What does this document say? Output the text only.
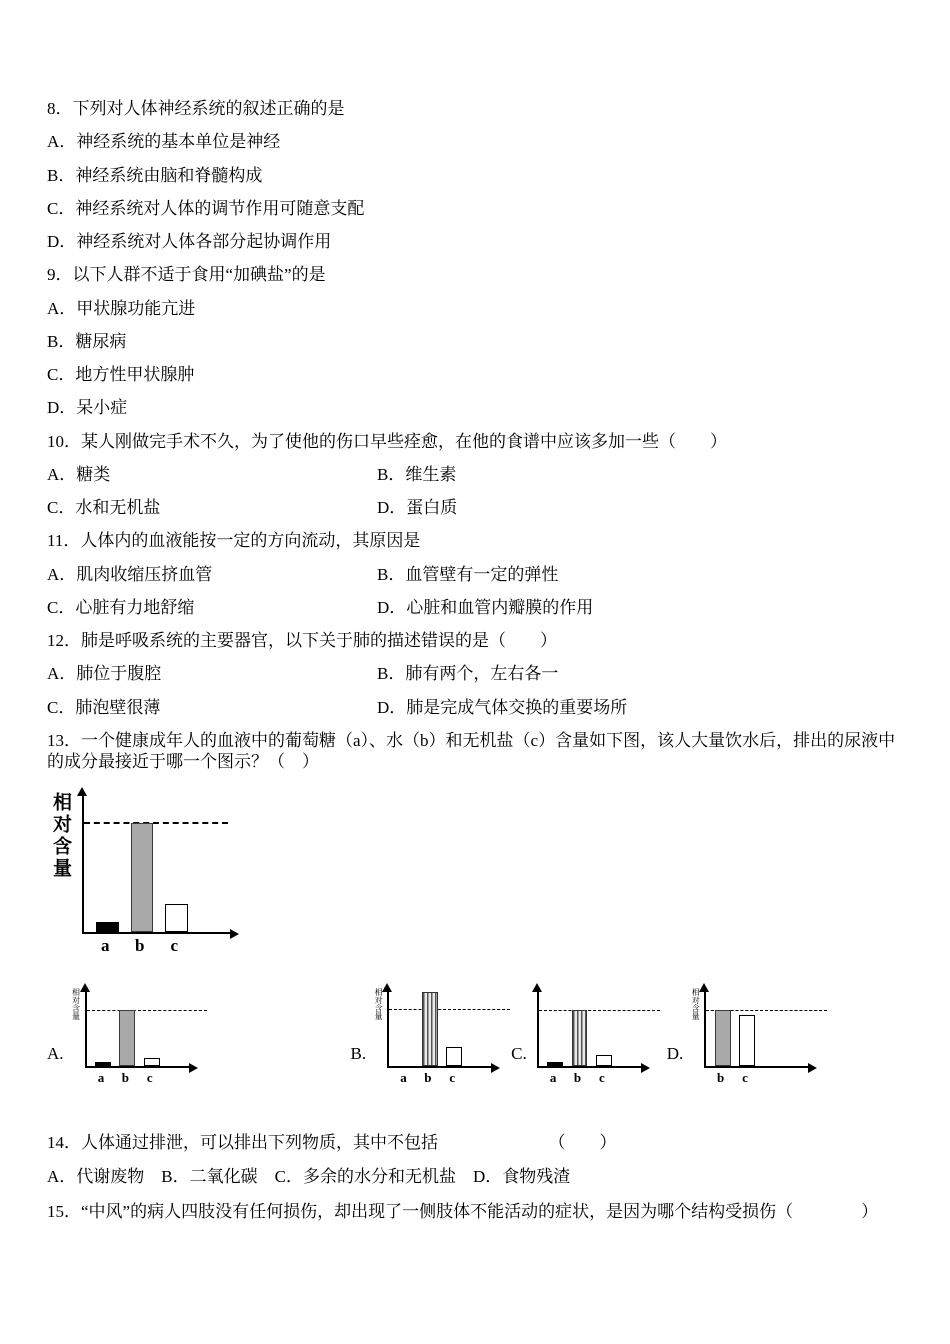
8．下列对人体神经系统的叙述正确的是

A．神经系统的基本单位是神经

B．神经系统由脑和脊髓构成

C．神经系统对人体的调节作用可随意支配

D．神经系统对人体各部分起协调作用

9．以下人群不适于食用“加碘盐”的是

A．甲状腺功能亢进

B．糖尿病

C．地方性甲状腺肿

D．呆小症

10．某人刚做完手术不久，为了使他的伤口早些痊愈，在他的食谱中应该多加一些（　　）

A．糖类	B．维生素
C．水和无机盐	D．蛋白质

11．人体内的血液能按一定的方向流动，其原因是

A．肌肉收缩压挤血管	B．血管壁有一定的弹性
C．心脏有力地舒缩	D．心脏和血管内瓣膜的作用

12．肺是呼吸系统的主要器官，以下关于肺的描述错误的是（　　）

A．肺位于腹腔	B．肺有两个，左右各一
C．肺泡壁很薄	D．肺是完成气体交换的重要场所

13．一个健康成年人的血液中的葡萄糖（a）、水（b）和无机盐（c）含量如下图，该人大量饮水后，排出的尿液中的成分最接近于哪一个图示？（　）

相对含量
a b c
A.
相对含量
a b c
B.
相对含量
a b c
C.
a b c
D.
相对含量
b c

14．人体通过排泄，可以排出下列物质，其中不包括　　　　　　　（　　）

A．代谢废物　B．二氧化碳　C．多余的水分和无机盐　D．食物残渣

15．“中风”的病人四肢没有任何损伤，却出现了一侧肢体不能活动的症状，是因为哪个结构受损伤（　　　　）
